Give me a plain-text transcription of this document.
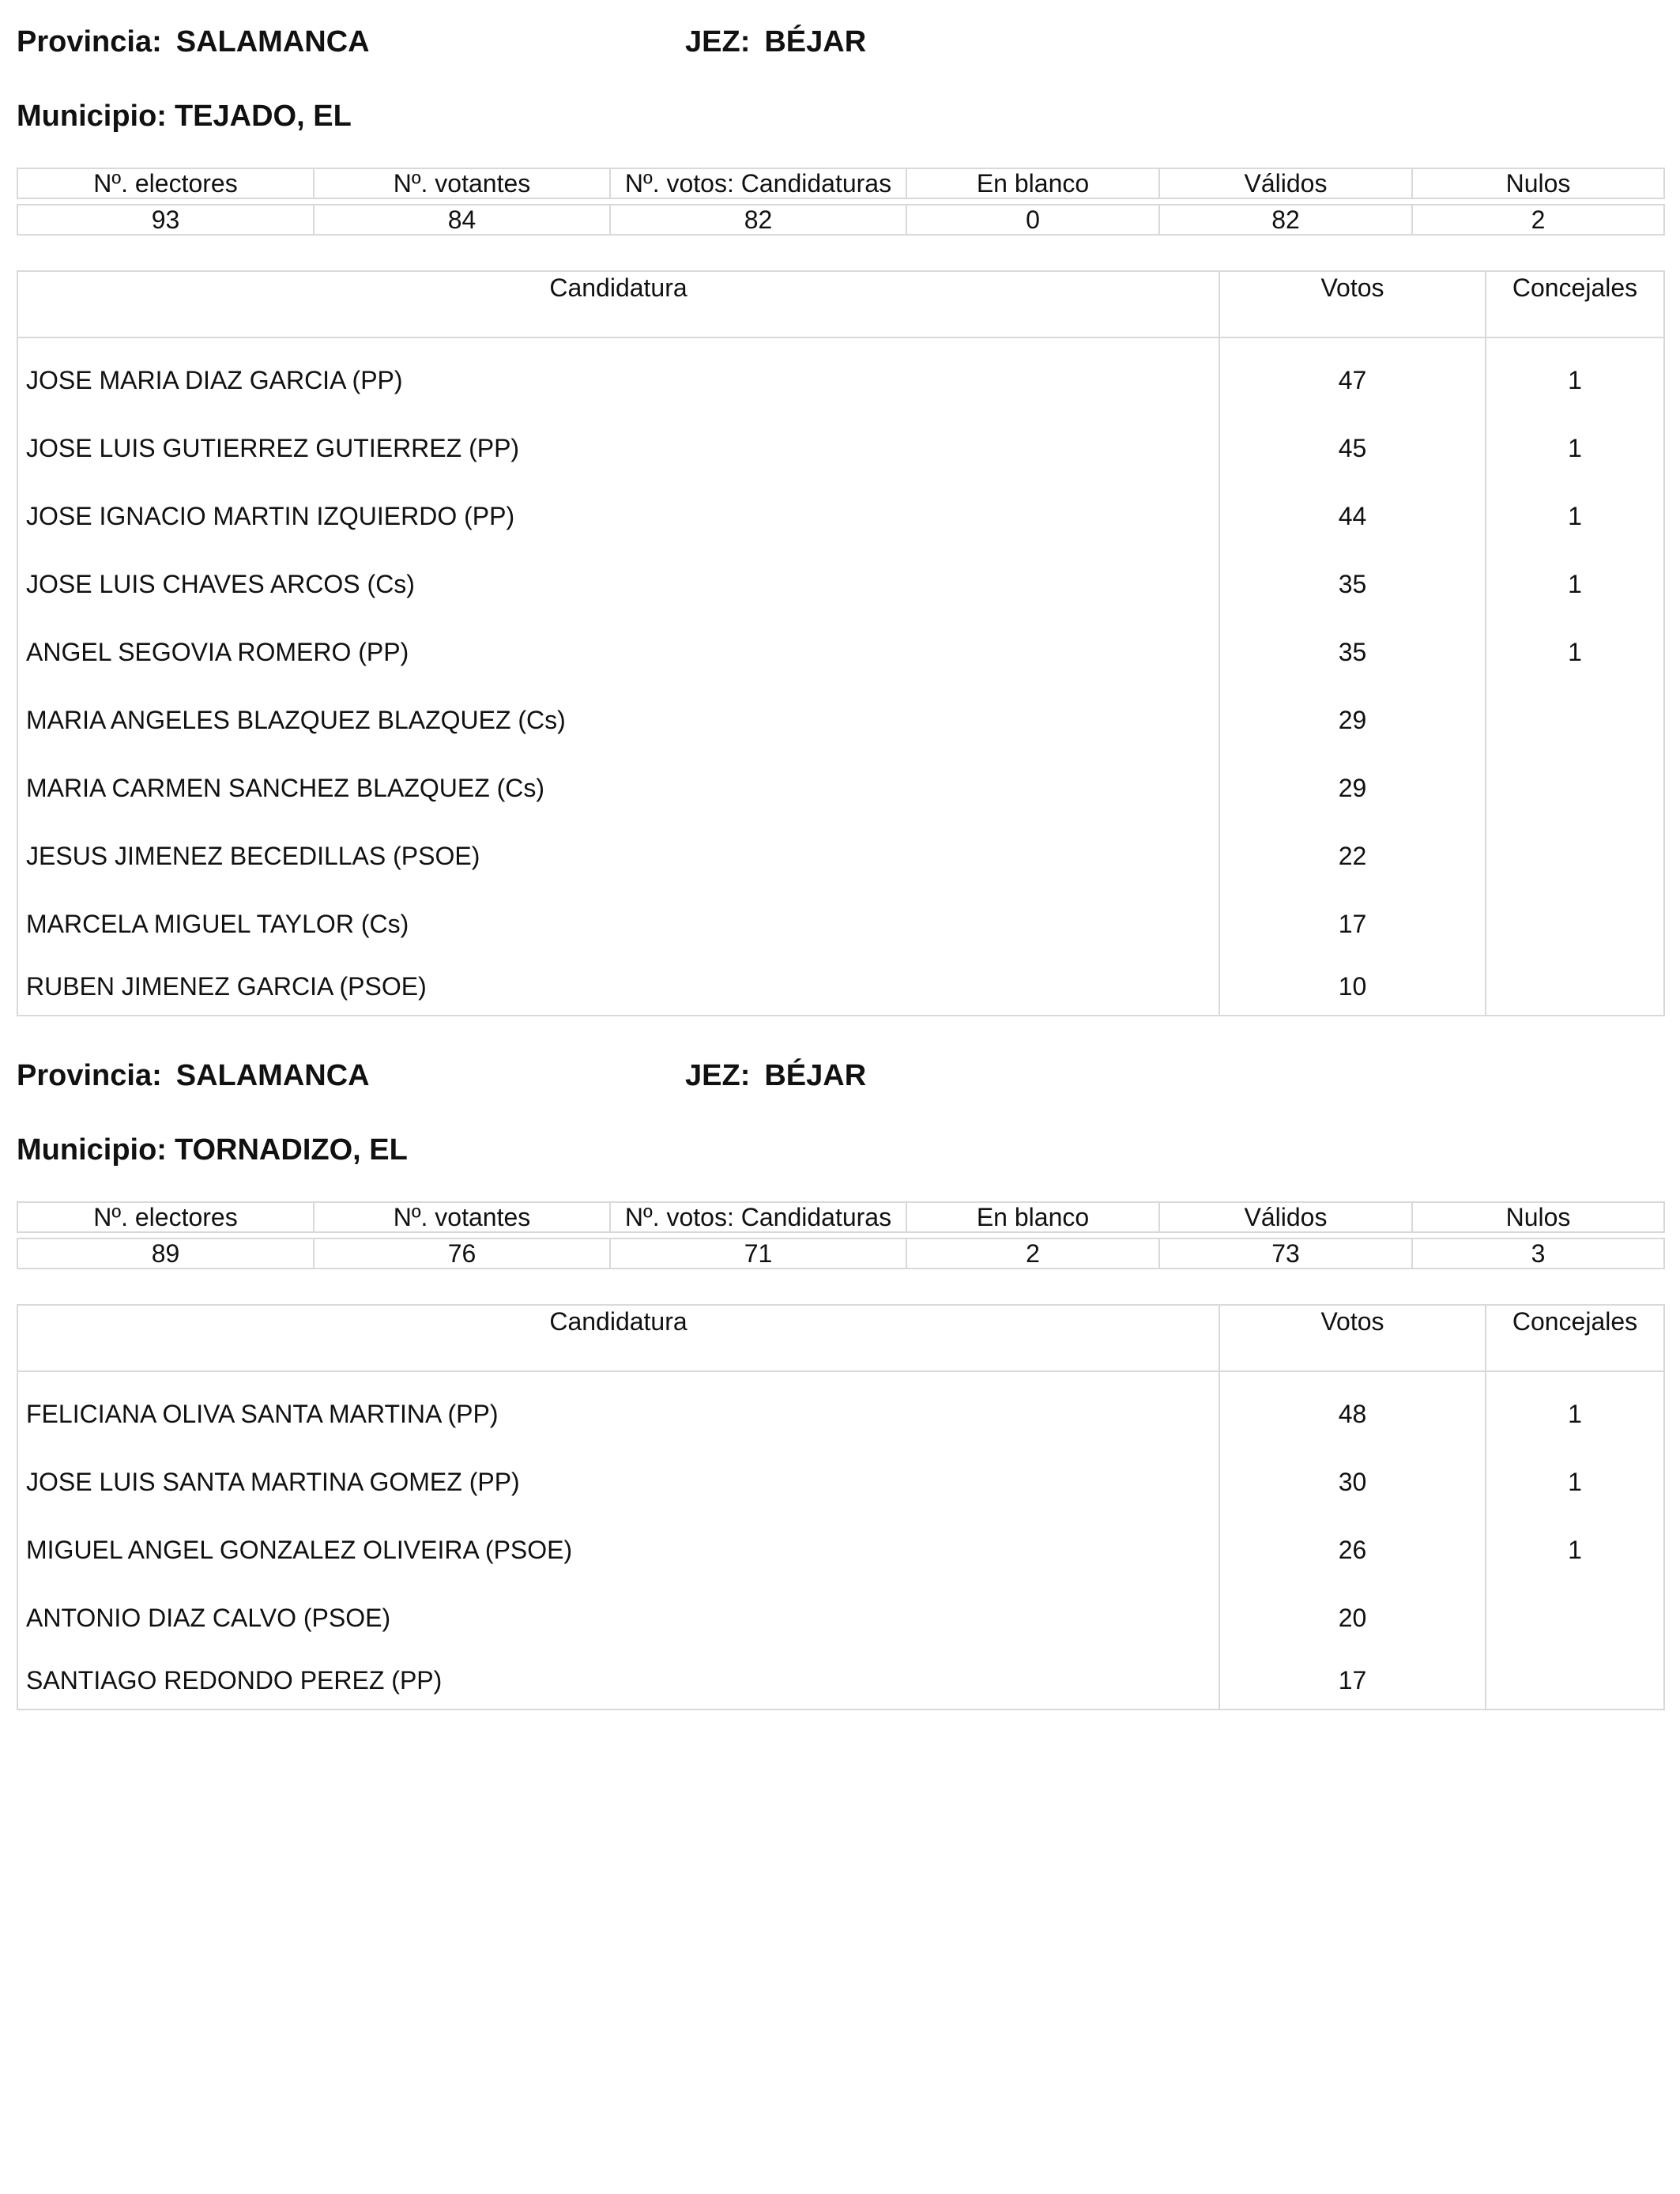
Provincia: SALAMANCA	JEZ: BÉJAR
Municipio: TEJADO, EL
Nº. electores	Nº. votantes	Nº. votos: Candidaturas	En blanco	Válidos	Nulos

93	84	82	0	82	2
Candidatura	Votos	Concejales
JOSE MARIA DIAZ GARCIA (PP)	47	1
JOSE LUIS GUTIERREZ GUTIERREZ (PP)	45	1
JOSE IGNACIO MARTIN IZQUIERDO (PP)	44	1
JOSE LUIS CHAVES ARCOS (Cs)	35	1
ANGEL SEGOVIA ROMERO (PP)	35	1
MARIA ANGELES BLAZQUEZ BLAZQUEZ (Cs)	29	
MARIA CARMEN SANCHEZ BLAZQUEZ (Cs)	29	
JESUS JIMENEZ BECEDILLAS (PSOE)	22	
MARCELA MIGUEL TAYLOR (Cs)	17	
RUBEN JIMENEZ GARCIA (PSOE)	10	
Provincia: SALAMANCA	JEZ: BÉJAR
Municipio: TORNADIZO, EL
Nº. electores	Nº. votantes	Nº. votos: Candidaturas	En blanco	Válidos	Nulos

89	76	71	2	73	3
Candidatura	Votos	Concejales
FELICIANA OLIVA SANTA MARTINA (PP)	48	1
JOSE LUIS SANTA MARTINA GOMEZ (PP)	30	1
MIGUEL ANGEL GONZALEZ OLIVEIRA (PSOE)	26	1
ANTONIO DIAZ CALVO (PSOE)	20	
SANTIAGO REDONDO PEREZ (PP)	17	
